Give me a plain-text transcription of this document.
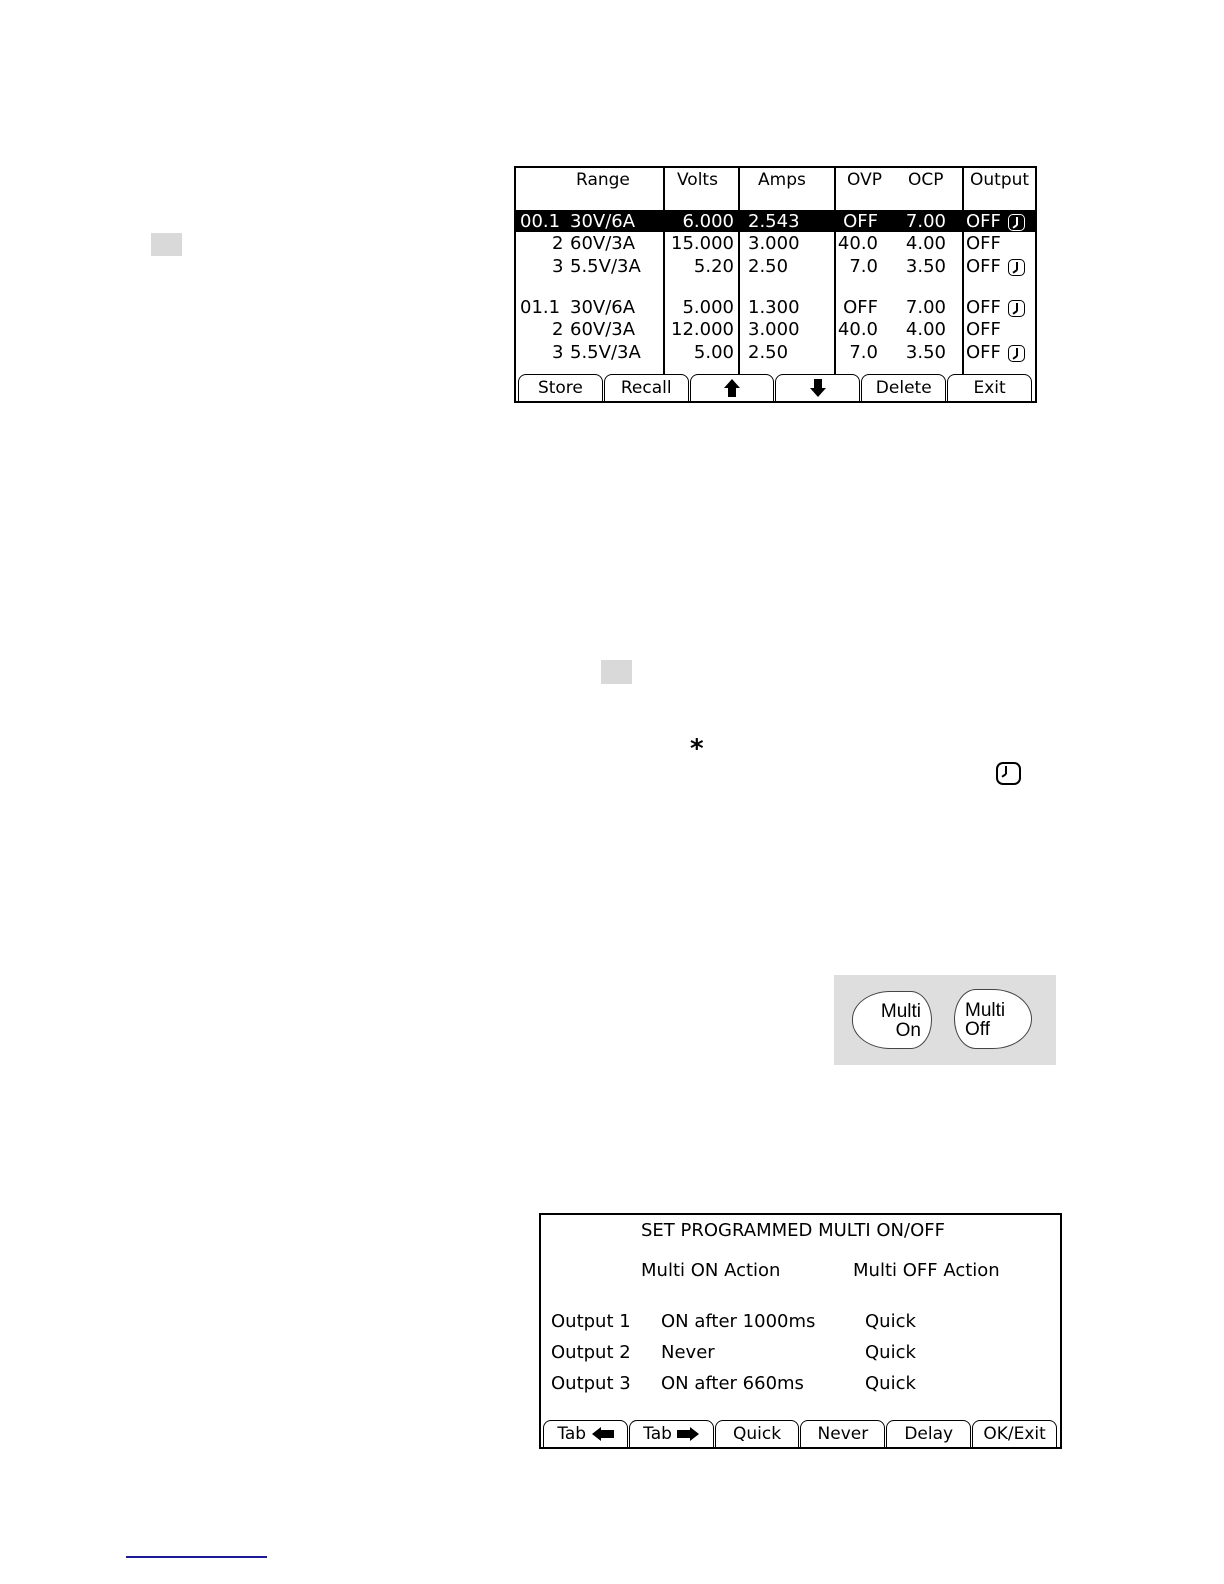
Range	Volts Amps OVP OCP Output
00.1 30V/6A	6.000 2.543 OFF 7.00 OFF
2 60V/3A 15.000 3.000 40.0 4.00 OFF
3 5.5V/3A	5.20 2.50	7.0 3.50 OFF
01.1 30V/6A	5.000 1.300 OFF 7.00 OFF
2 60V/3A 12.000 3.000 40.0 4.00 OFF
3 5.5V/3A	5.00 2.50	7.0 3.50 OFF
Store	Recall	Delete	Exit
*
Multi
On
Multi
Off
SET PROGRAMMED MULTI ON/OFF
Multi ON Action	Multi OFF Action
Output 1 ON after 1000ms	Quick
Output 2 Never	Quick
Output 3 ON after 660ms	Quick
Tab	Tab	Quick	Never	Delay	OK/Exit
